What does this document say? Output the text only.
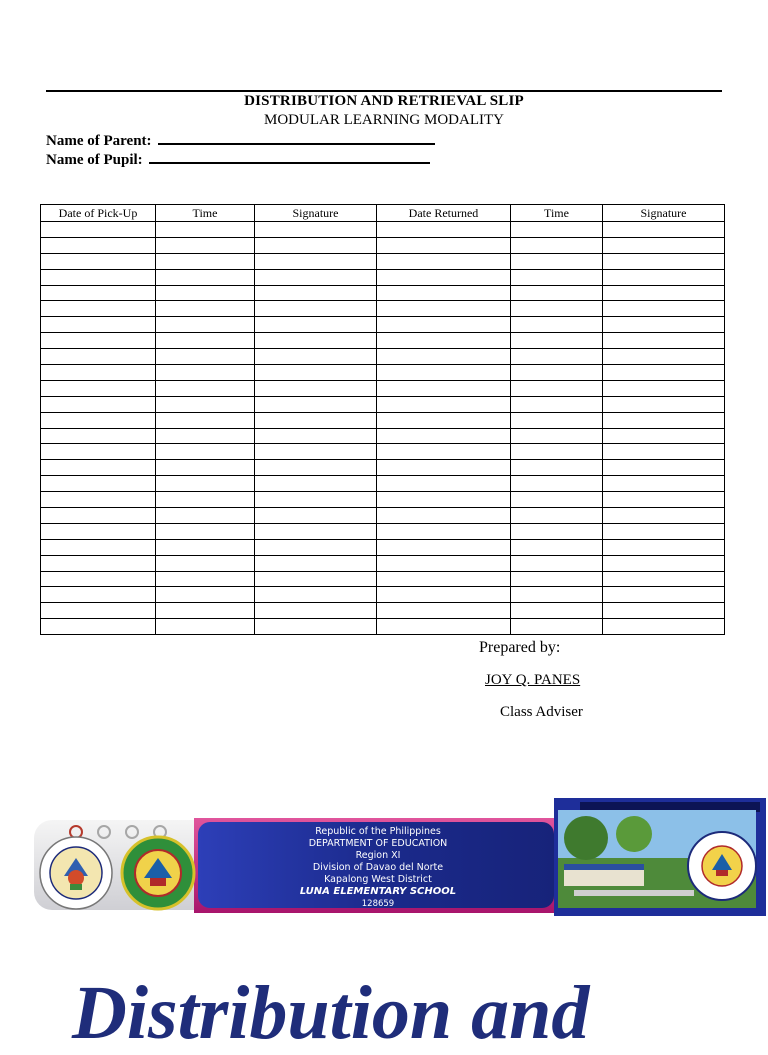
DISTRIBUTION AND RETRIEVAL SLIP
MODULAR LEARNING MODALITY
Name of Parent:
Name of Pupil:
Date of Pick-Up	Time	Signature	Date Returned	Time	Signature

Prepared by:
JOY Q. PANES
Class Adviser
Republic of the Philippines
DEPARTMENT OF EDUCATION
Region XI
Division of Davao del Norte
Kapalong West District
LUNA ELEMENTARY SCHOOL
128659
Distribution and
